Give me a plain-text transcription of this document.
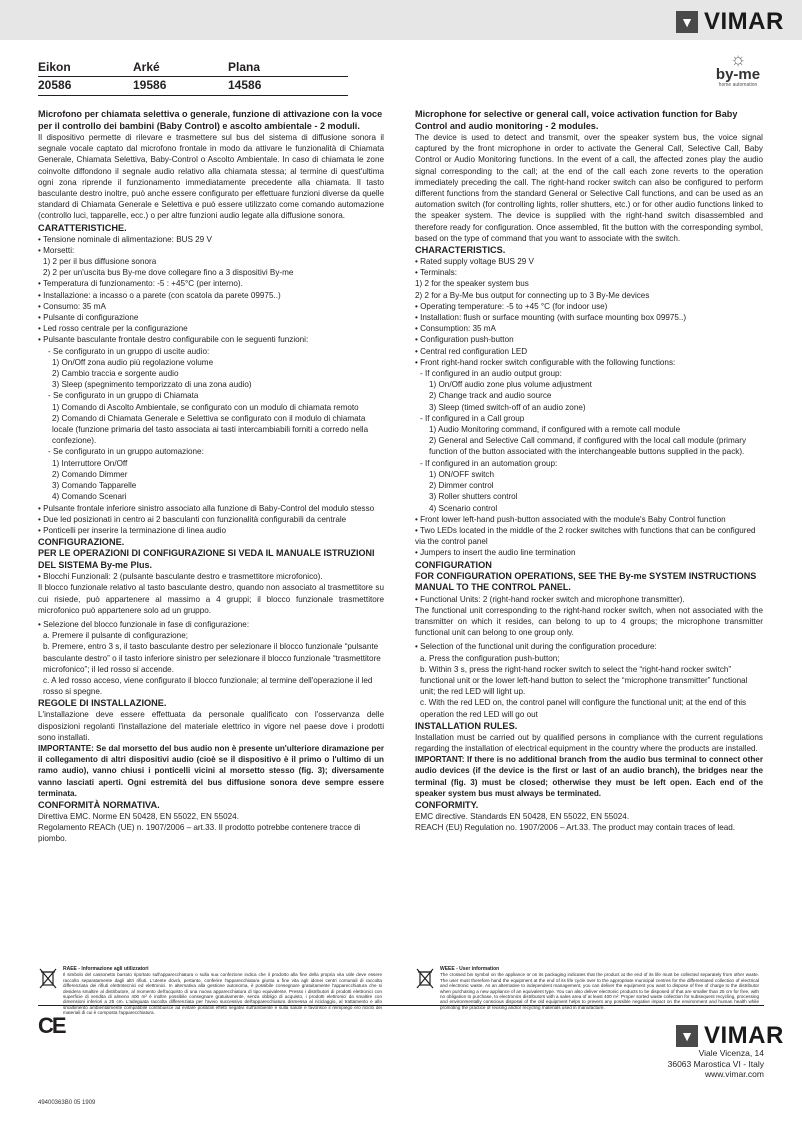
▼ VIMAR
Eikon	Arké	Plana
20586	19586	14586
☼
by-me
home automation

Microfono per chiamata selettiva o generale, funzione di attivazione con la voce per il controllo dei bambini (Baby Control) e ascolto ambientale - 2 moduli.

Il dispositivo permette di rilevare e trasmettere sul bus del sistema di diffusione sonora il segnale vocale captato dal microfono frontale in modo da attivare le funzionalità di Chiamata Generale, Chiamata Selettiva, Baby-Control o Ascolto Ambientale. In caso di chiamata le zone coinvolte diffondono il segnale audio relativo alla chiamata stessa; al termine di quest'ultima ogni zona riprende il funzionamento immediatamente precedente alla chiamata. Il tasto basculante destro inoltre, può anche essere configurato per effettuare funzioni diverse da quelle standard di Chiamata Generale e Selettiva e può essere utilizzato come comando automazione (controllo luci, tapparelle, ecc.) o per altre funzioni audio legate alla diffusione sonora.

CARATTERISTICHE.

• Tensione nominale di alimentazione: BUS 29 V

• Morsetti:

1) 2 per il bus diffusione sonora

2) 2 per un'uscita bus By-me dove collegare fino a 3 dispositivi By-me

• Temperatura di funzionamento: -5 : +45°C (per interno).

• Installazione: a incasso o a parete (con scatola da parete 09975..)

• Consumo: 35 mA

• Pulsante di configurazione

• Led rosso centrale per la configurazione

• Pulsante basculante frontale destro configurabile con le seguenti funzioni:

- Se configurato in un gruppo di uscite audio:

1) On/Off zona audio più regolazione volume

2) Cambio traccia e sorgente audio

3) Sleep (spegnimento temporizzato di una zona audio)

- Se configurato in un gruppo di Chiamata

1) Comando di Ascolto Ambientale, se configurato con un modulo di chiamata remoto

2) Comando di Chiamata Generale e Selettiva se configurato con il modulo di chiamata locale (funzione primaria del tasto associata ai tasti intercambiabili forniti a corredo nella confezione).

- Se configurato in un gruppo automazione:

1) Interruttore On/Off

2) Comando Dimmer

3) Comando Tapparelle

4) Comando Scenari

• Pulsante frontale inferiore sinistro associato alla funzione di Baby-Control del modulo stesso

• Due led posizionati in centro ai 2 basculanti con funzionalità configurabili da centrale

• Ponticelli per inserire la terminazione di linea audio

CONFIGURAZIONE.

PER LE OPERAZIONI DI CONFIGURAZIONE SI VEDA IL MANUALE ISTRUZIONI DEL SISTEMA By-me Plus.

• Blocchi Funzionali: 2 (pulsante basculante destro e trasmettitore microfonico).

Il blocco funzionale relativo al tasto basculante destro, quando non associato al trasmettitore su cui risiede, può appartenere al massimo a 4 gruppi; il blocco funzionale trasmettitore microfonico può appartenere solo ad un gruppo.

• Selezione del blocco funzionale in fase di configurazione:

a. Premere il pulsante di configurazione;

b. Premere, entro 3 s, il tasto basculante destro per selezionare il blocco funzionale “pulsante basculante destro” o il tasto inferiore sinistro per selezionare il blocco funzionale “trasmettitore microfonico”; il led rosso si accende.

c. A led rosso acceso, viene configurato il blocco funzionale; al termine dell'operazione il led rosso si spegne.

REGOLE DI INSTALLAZIONE.

L'installazione deve essere effettuata da personale qualificato con l'osservanza delle disposizioni regolanti l'installazione del materiale elettrico in vigore nel paese dove i prodotti sono installati.

IMPORTANTE: Se dal morsetto del bus audio non è presente un'ulteriore diramazione per il collegamento di altri dispositivi audio (cioè se il dispositivo è il primo o l'ultimo di un ramo audio), vanno chiusi i ponticelli vicini al morsetto stesso (fig. 3); diversamente vanno lasciati aperti. Ogni estremità del bus diffusione sonora deve sempre essere terminata.

CONFORMITÀ NORMATIVA.

Direttiva EMC. Norme EN 50428, EN 55022, EN 55024.

Regolamento REACh (UE) n. 1907/2006 – art.33. Il prodotto potrebbe contenere tracce di piombo.

Microphone for selective or general call, voice activation function for Baby Control and audio monitoring - 2 modules.

The device is used to detect and transmit, over the speaker system bus, the voice signal captured by the front microphone in order to activate the General Call, Selective Call, Baby Control or Audio Monitoring functions. In the event of a call, the affected zones play the audio signal corresponding to the call; at the end of the call each zone reverts to the operation immediately preceding the call. The right-hand rocker switch can also be configured to perform different functions from the standard General or Selective Call functions, and can be used as an automation switch (for controlling lights, roller shutters, etc.) or for other audio functions linked to the speaker system. The device is supplied with the right-hand switch disassembled and therefore ready for configuration. Once assembled, fit the button with the corresponding symbol, based on the type of command that you want to associate with the switch.

CHARACTERISTICS.

• Rated supply voltage BUS 29 V

• Terminals:

1) 2 for the speaker system bus

2) 2 for a By-Me bus output for connecting up to 3 By-Me devices

• Operating temperature: -5 to +45 °C (for indoor use)

• Installation: flush or surface mounting (with surface mounting box 09975..)

• Consumption: 35 mA

• Configuration push-button

• Central red configuration LED

• Front right-hand rocker switch configurable with the following functions:

- If configured in an audio output group:

1) On/Off audio zone plus volume adjustment

2) Change track and audio source

3) Sleep (timed switch-off of an audio zone)

- If configured in a Call group

1) Audio Monitoring command, if configured with a remote call module

2) General and Selective Call command, if configured with the local call module (primary function of the button associated with the interchangeable buttons supplied in the pack).

- If configured in an automation group:

1) ON/OFF switch

2) Dimmer control

3) Roller shutters control

4) Scenario control

• Front lower left-hand push-button associated with the module's Baby Control function

• Two LEDs located in the middle of the 2 rocker switches with functions that can be configured via the control panel

• Jumpers to insert the audio line termination

CONFIGURATION

FOR CONFIGURATION OPERATIONS, SEE THE By-me SYSTEM INSTRUCTIONS MANUAL TO THE CONTROL PANEL.

• Functional Units: 2 (right-hand rocker switch and microphone transmitter).

The functional unit corresponding to the right-hand rocker switch, when not associated with the transmitter on which it resides, can belong to up to 4 groups; the microphone transmitter functional unit can belong to one group only.

• Selection of the functional unit during the configuration procedure:

a. Press the configuration push-button;

b. Within 3 s, press the right-hand rocker switch to select the “right-hand rocker switch” functional unit or the lower left-hand button to select the “microphone transmitter” functional unit; the red LED will light up.

c. With the red LED on, the control panel will configure the functional unit; at the end of this operation the red LED will go out

INSTALLATION RULES.

Installation must be carried out by qualified persons in compliance with the current regulations regarding the installation of electrical equipment in the country where the products are installed.

IMPORTANT: If there is no additional branch from the audio bus terminal to connect other audio devices (if the device is the first or last of an audio branch), the bridges near the terminal (fig. 3) must be closed; otherwise they must be left open. Each end of the speaker system bus must always be terminated.

CONFORMITY.

EMC directive. Standards EN 50428, EN 55022, EN 55024.

REACH (EU) Regulation no. 1907/2006 – Art.33. The product may contain traces of lead.

RAEE - Informazione agli utilizzatori
Il simbolo del cassonetto barrato riportato sull'apparecchiatura o sulla sua confezione indica che il prodotto alla fine della propria vita utile deve essere raccolto separatamente dagli altri rifiuti. L'utente dovrà, pertanto, conferire l'apparecchiatura giunta a fine vita agli idonei centri comunali di raccolta differenziata dei rifiuti elettrotecnici ed elettronici. In alternativa alla gestione autonoma, è possibile consegnare gratuitamente l'apparecchiatura che si desidera smaltire al distributore, al momento dell'acquisto di una nuova apparecchiatura di tipo equivalente. Presso i distributori di prodotti elettronici con superficie di vendita di almeno 400 m² è inoltre possibile consegnare gratuitamente, senza obbligo di acquisto, i prodotti elettronici da smaltire con dimensioni inferiori a 25 cm. L'adeguata raccolta differenziata per l'avvio successivo dell'apparecchiatura dismessa al riciclaggio, al trattamento e allo smaltimento ambientalmente compatibile contribuisce ad evitare possibili effetti negativi sull'ambiente e sulla salute e favorisce il reimpiego e/o riciclo dei materiali di cui è composta l'apparecchiatura.
WEEE - User information
The crossed bin symbol on the appliance or on its packaging indicates that the product at the end of its life must be collected separately from other waste. The user must therefore hand the equipment at the end of its life cycle over to the appropriate municipal centres for the differentiated collection of electrical and electronic waste. As an alternative to independent management, you can deliver the equipment you want to dispose of free of charge to the distributor when purchasing a new appliance of an equivalent type. You can also deliver electronic products to be disposed of that are smaller than 25 cm for free, with no obligation to purchase, to electronics distributors with a sales area of at least 400 m². Proper sorted waste collection for subsequent recycling, processing and environmentally conscious disposal of the old equipment helps to prevent any possible negative impact on the environment and human health while promoting the practice of reusing and/or recycling materials used in manufacture.
CE
49400363B0 05 1909
▼ VIMAR
Viale Vicenza, 14
36063 Marostica VI - Italy
www.vimar.com
